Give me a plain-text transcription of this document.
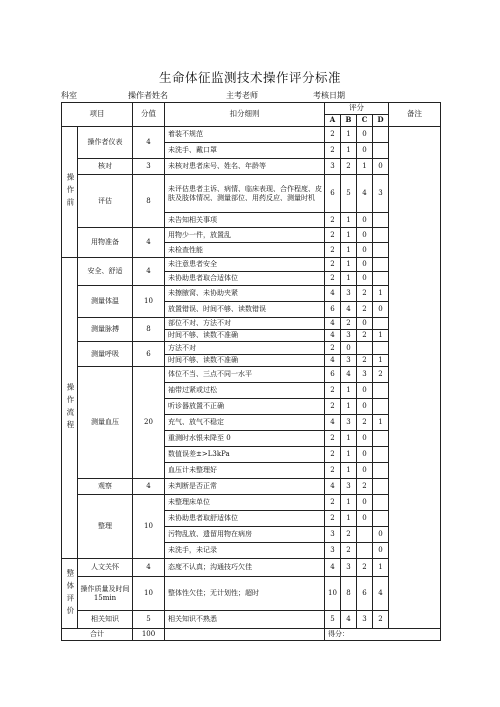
生命体征监测技术操作评分标准
科室	操作者姓名	主考老师	考核日期
项目		分值	扣分细则	评分				备注
				A	B	C	D	
操作前	操作者仪表	4	着装不规范	2	1	0		
			未洗手、戴口罩	2	1	0		
	核对	3	未核对患者床号、姓名、年龄等	3	2	1	0	
	评估	8	未评估患者主诉、病情、临床表现、合作程度、皮肤及肢体情况、测量部位、用药反应、测量时机	6	5	4	3	
			未告知相关事项	2	1	0		
	用物准备	4	用物少一件，放置乱	2	1	0		
			未检查性能	2	1	0		
操作流程	安全、舒适	4	未注意患者安全	2	1	0		
			未协助患者取合适体位	2	1	0		
	测量体温	10	未擦腋窝、未协助夹紧	4	3	2	1	
			放置错误、时间不够、读数错误	6	4	2	0	
	测量脉搏	8	部位不对、方法不对	4	2	0		
			时间不够、读数不准确	4	3	2	1	
	测量呼吸	6	方法不对	2	0			
			时间不够、读数不准确	4	3	2	1	
	测量血压	20	体位不当、三点不同一水平	6	4	3	2	
			袖带过紧或过松	2	1	0		
			听诊器放置不正确	2	1	0		
			充气、放气不稳定	4	3	2	1	
			重测时水银未降至 0	2	1	0		
			数值误差±>L3kPa	2	1	0		
			血压计未整理好	2	1	0		
	观察	4	未判断是否正常	4	3	2		
	整理	10	未整理床单位	2	1	0		
			未协助患者取舒适体位	2	1	0		
			污物乱放、遗留用物在病房	3	2		0	
			未洗手，未记录	3	2		0	
整体评价	人文关怀	4	态度不认真；沟通技巧欠佳	4	3	2	1	
	操作质量及时间 15min	10	整体性欠佳；无计划性；超时	10	8	6	4	
	相关知识	5	相关知识不熟悉	5	4	3	2	
合计		100		得分：				
